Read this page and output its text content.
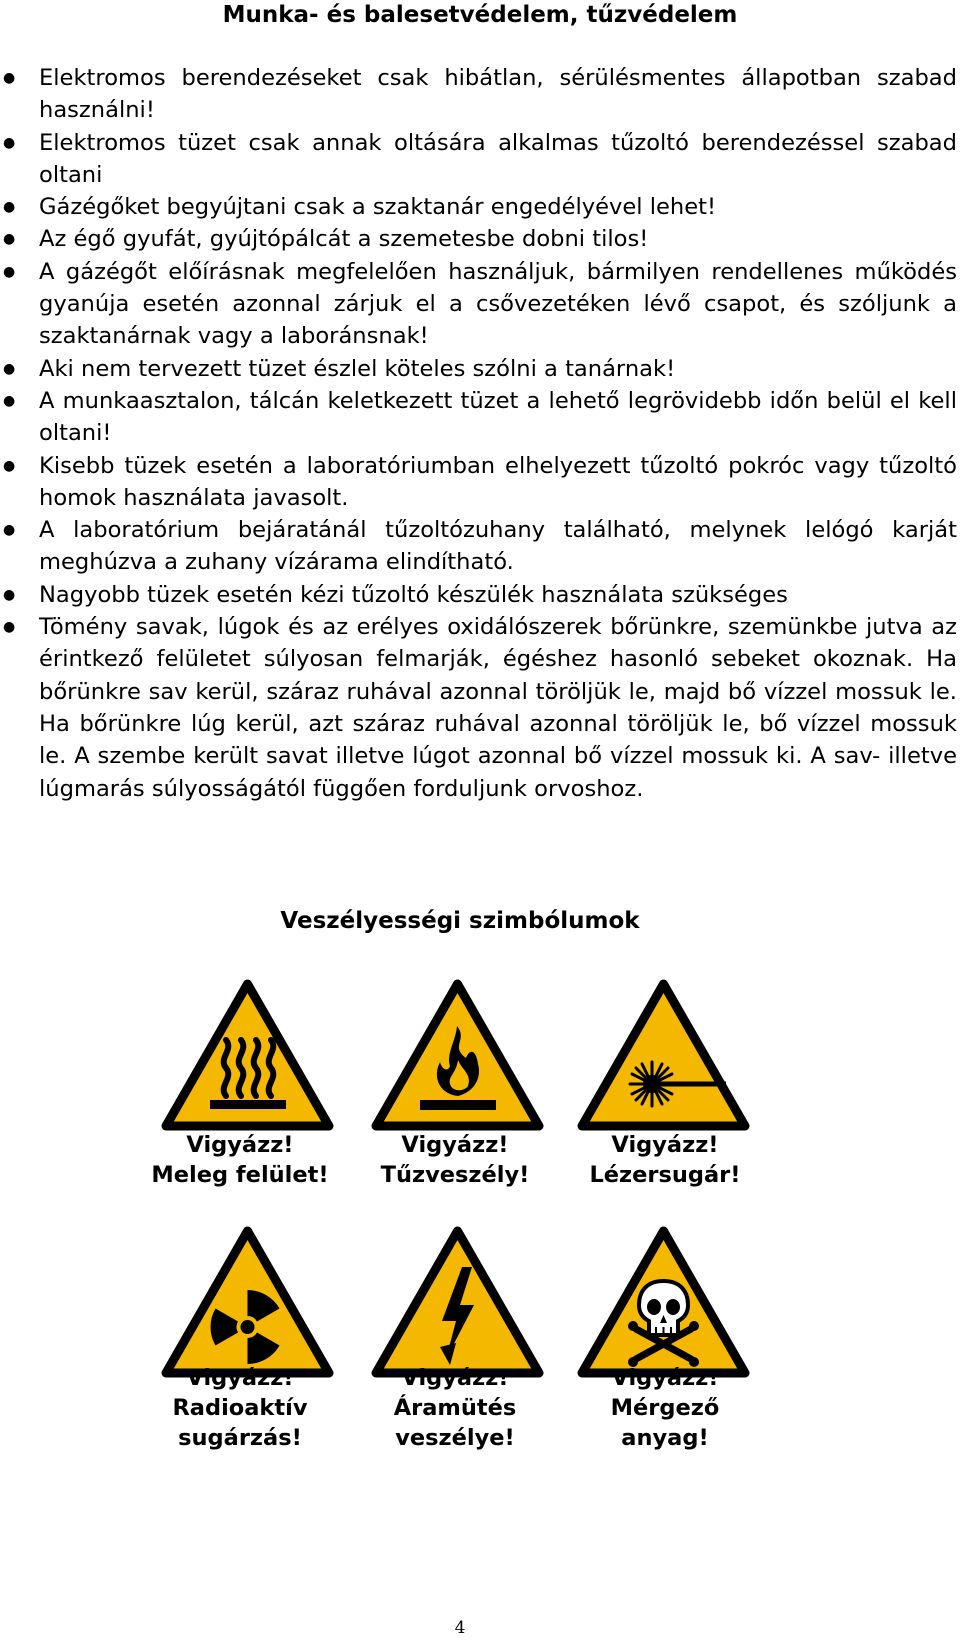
Munka- és balesetvédelem, tűzvédelem
● Elektromos berendezéseket csak hibátlan, sérülésmentes állapotban szabad használni!
● Elektromos tüzet csak annak oltására alkalmas tűzoltó berendezéssel szabad oltani
● Gázégőket begyújtani csak a szaktanár engedélyével lehet!
● Az égő gyufát, gyújtópálcát a szemetesbe dobni tilos!
● A gázégőt előírásnak megfelelően használjuk, bármilyen rendellenes működés gyanúja esetén azonnal zárjuk el a csővezetéken lévő csapot, és szóljunk a szaktanárnak vagy a laboránsnak!
● Aki nem tervezett tüzet észlel köteles szólni a tanárnak!
● A munkaasztalon, tálcán keletkezett tüzet a lehető legrövidebb időn belül el kell oltani!
● Kisebb tüzek esetén a laboratóriumban elhelyezett tűzoltó pokróc vagy tűzoltó homok használata javasolt.
● A laboratórium bejáratánál tűzoltózuhany található, melynek lelógó karját meghúzva a zuhany vízárama elindítható.
● Nagyobb tüzek esetén kézi tűzoltó készülék használata szükséges
● Tömény savak, lúgok és az erélyes oxidálószerek bőrünkre, szemünkbe jutva az érintkező felületet súlyosan felmarják, égéshez hasonló sebeket okoznak. Ha bőrünkre sav kerül, száraz ruhával azonnal töröljük le, majd bő vízzel mossuk le. Ha bőrünkre lúg kerül, azt száraz ruhával azonnal töröljük le, bő vízzel mossuk le. A szembe került savat illetve lúgot azonnal bő vízzel mossuk ki. A sav- illetve lúgmarás súlyosságától függően forduljunk orvoshoz.
Veszélyességi szimbólumok
Vigyázz!
Meleg felület!
Vigyázz!
Tűzveszély!
Vigyázz!
Lézersugár!
Vigyázz!
Radioaktív
sugárzás!
Vigyázz!
Áramütés
veszélye!
Vigyázz!
Mérgező
anyag!
4
